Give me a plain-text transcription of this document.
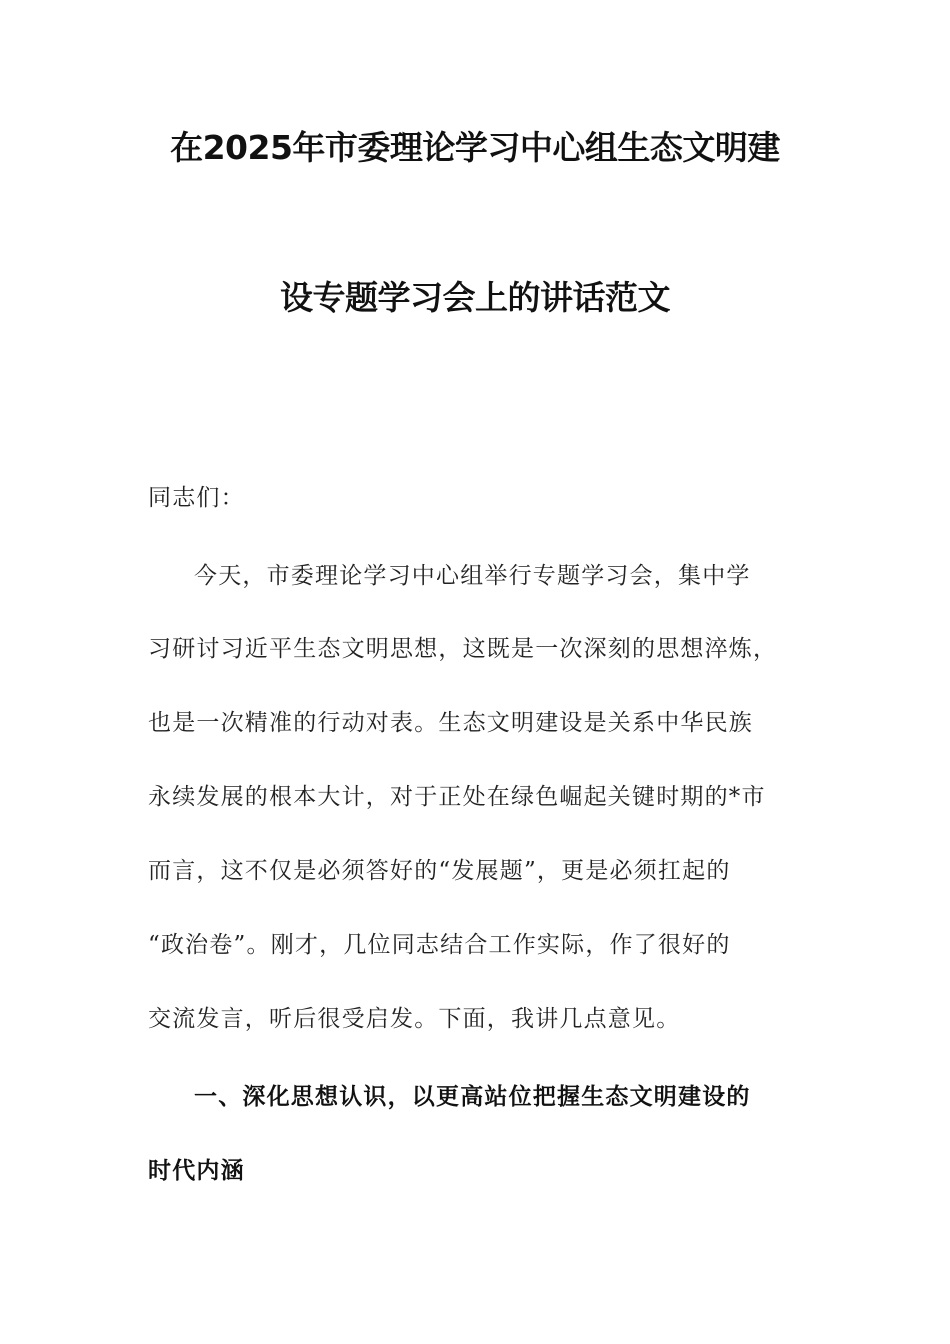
在2025年市委理论学习中心组生态文明建
设专题学习会上的讲话范文
同志们：
今天，市委理论学习中心组举行专题学习会，集中学
习研讨习近平生态文明思想，这既是一次深刻的思想淬炼，
也是一次精准的行动对表。生态文明建设是关系中华民族
永续发展的根本大计，对于正处在绿色崛起关键时期的*市
而言，这不仅是必须答好的“发展题”，更是必须扛起的
“政治卷”。刚才，几位同志结合工作实际，作了很好的
交流发言，听后很受启发。下面，我讲几点意见。
一、深化思想认识，以更高站位把握生态文明建设的
时代内涵
